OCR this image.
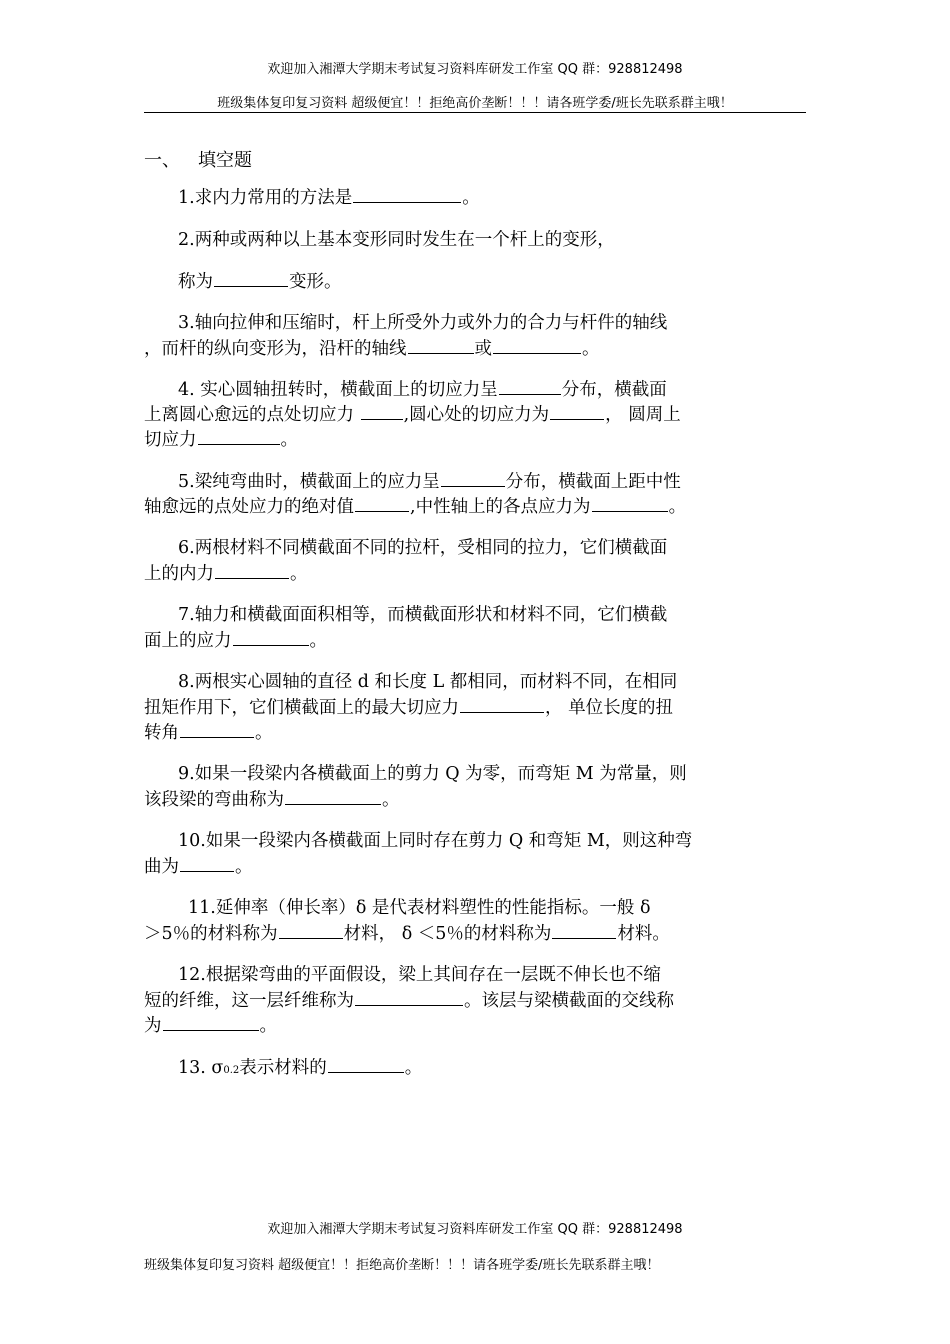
欢迎加入湘潭大学期末考试复习资料库研发工作室 QQ 群：928812498
班级集体复印复习资料 超级便宜！！拒绝高价垄断！！！请各班学委/班长先联系群主哦！
一、 填空题
1.求内力常用的方法是	。
2.两种或两种以上基本变形同时发生在一个杆上的变形，
称为	变形。
3.轴向拉伸和压缩时，杆上所受外力或外力的合力与杆件的轴线
，而杆的纵向变形为，沿杆的轴线	或	。
4. 实心圆轴扭转时，横截面上的切应力呈	分布，横截面
上离圆心愈远的点处切应力	,圆心处的切应力为	， 圆周上
切应力	。
5.梁纯弯曲时，横截面上的应力呈	分布，横截面上距中性
轴愈远的点处应力的绝对值	,中性轴上的各点应力为	。
6.两根材料不同横截面不同的拉杆，受相同的拉力，它们横截面
上的内力	。
7.轴力和横截面面积相等，而横截面形状和材料不同，它们横截
面上的应力	。
8.两根实心圆轴的直径 d 和长度 L 都相同，而材料不同，在相同
扭矩作用下，它们横截面上的最大切应力	， 单位长度的扭
转角	。
9.如果一段梁内各横截面上的剪力 Q 为零，而弯矩 M 为常量，则
该段梁的弯曲称为	。
10.如果一段梁内各横截面上同时存在剪力 Q 和弯矩 M，则这种弯
曲为	。
11.延伸率（伸长率）δ 是代表材料塑性的性能指标。一般 δ
＞5％的材料称为	材料， δ ＜5％的材料称为	材料。
12.根据梁弯曲的平面假设，梁上其间存在一层既不伸长也不缩
短的纤维，这一层纤维称为	。该层与梁横截面的交线称
为	。
13. σ0.2表示材料的	。
欢迎加入湘潭大学期末考试复习资料库研发工作室 QQ 群：928812498
班级集体复印复习资料 超级便宜！！拒绝高价垄断！！！请各班学委/班长先联系群主哦！
